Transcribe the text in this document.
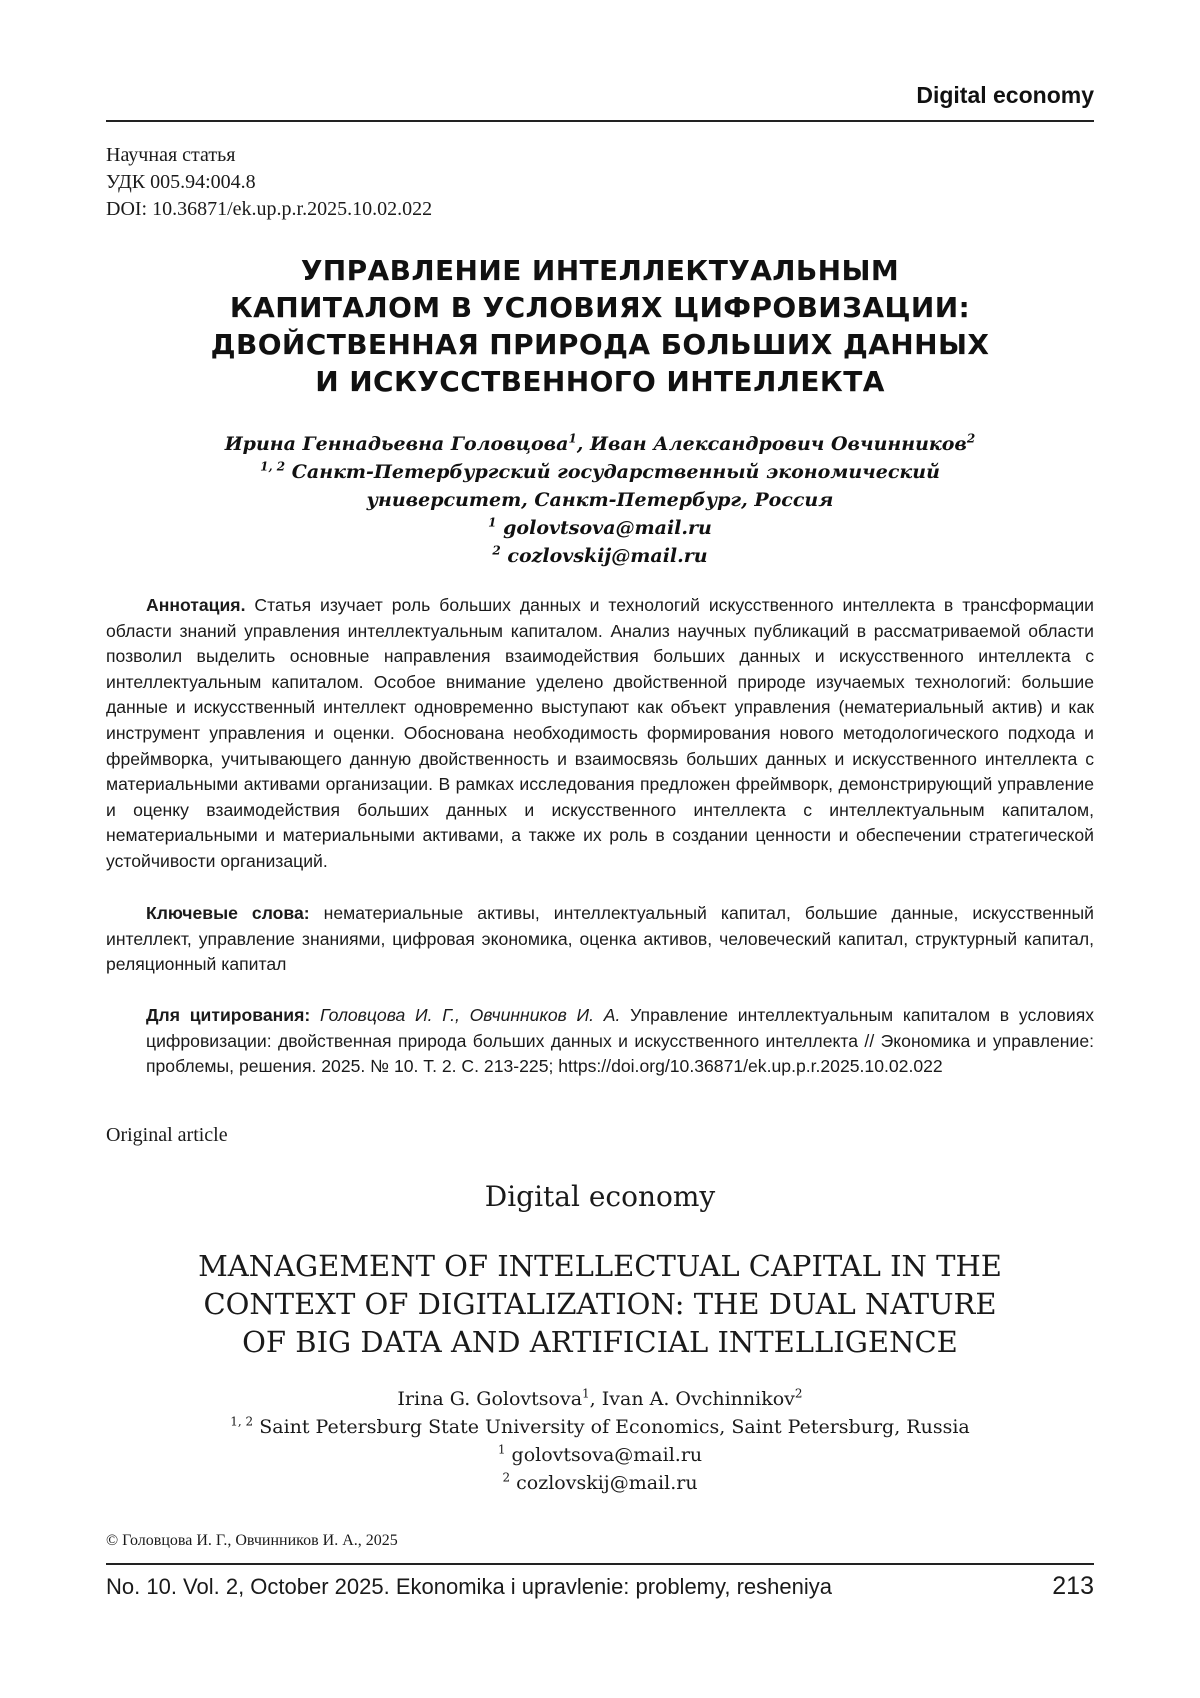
Digital economy
Научная статья
УДК 005.94:004.8
DOI: 10.36871/ek.up.p.r.2025.10.02.022
УПРАВЛЕНИЕ ИНТЕЛЛЕКТУАЛЬНЫМ
КАПИТАЛОМ В УСЛОВИЯХ ЦИФРОВИЗАЦИИ:
ДВОЙСТВЕННАЯ ПРИРОДА БОЛЬШИХ ДАННЫХ
И ИСКУССТВЕННОГО ИНТЕЛЛЕКТА
Ирина Геннадьевна Головцова1, Иван Александрович Овчинников2
1, 2 Санкт-Петербургский государственный экономический
университет, Санкт-Петербург, Россия
1 golovtsova@mail.ru
2 cozlovskij@mail.ru
Аннотация. Статья изучает роль больших данных и технологий искусственного интеллекта в трансформации области знаний управления интеллектуальным капиталом. Анализ научных публикаций в рассматриваемой области позволил выделить основные направления взаимодействия больших данных и искусственного интеллекта с интеллектуальным капиталом. Особое внимание уделено двойственной природе изучаемых технологий: большие данные и искусственный интеллект одновременно выступают как объект управления (нематериальный актив) и как инструмент управления и оценки. Обоснована необходимость формирования нового методологического подхода и фреймворка, учитывающего данную двойственность и взаимосвязь больших данных и искусственного интеллекта с материальными активами организации. В рамках исследования предложен фреймворк, демонстрирующий управление и оценку взаимодействия больших данных и искусственного интеллекта с интеллектуальным капиталом, нематериальными и материальными активами, а также их роль в создании ценности и обеспечении стратегической устойчивости организаций.
Ключевые слова: нематериальные активы, интеллектуальный капитал, большие данные, искусственный интеллект, управление знаниями, цифровая экономика, оценка активов, человеческий капитал, структурный капитал, реляционный капитал
Для цитирования: Головцова И. Г., Овчинников И. А. Управление интеллектуальным капиталом в условиях цифровизации: двойственная природа больших данных и искусственного интеллекта // Экономика и управление: проблемы, решения. 2025. № 10. Т. 2. С. 213-225; https://doi.org/10.36871/ek.up.p.r.2025.10.02.022
Original article
Digital economy
MANAGEMENT OF INTELLECTUAL CAPITAL IN THE
CONTEXT OF DIGITALIZATION: THE DUAL NATURE
OF BIG DATA AND ARTIFICIAL INTELLIGENCE
Irina G. Golovtsova1, Ivan A. Ovchinnikov2
1, 2 Saint Petersburg State University of Economics, Saint Petersburg, Russia
1 golovtsova@mail.ru
2 cozlovskij@mail.ru
© Головцова И. Г., Овчинников И. А., 2025
No. 10. Vol. 2, October 2025. Ekonomika i upravlenie: problemy, resheniya	213
